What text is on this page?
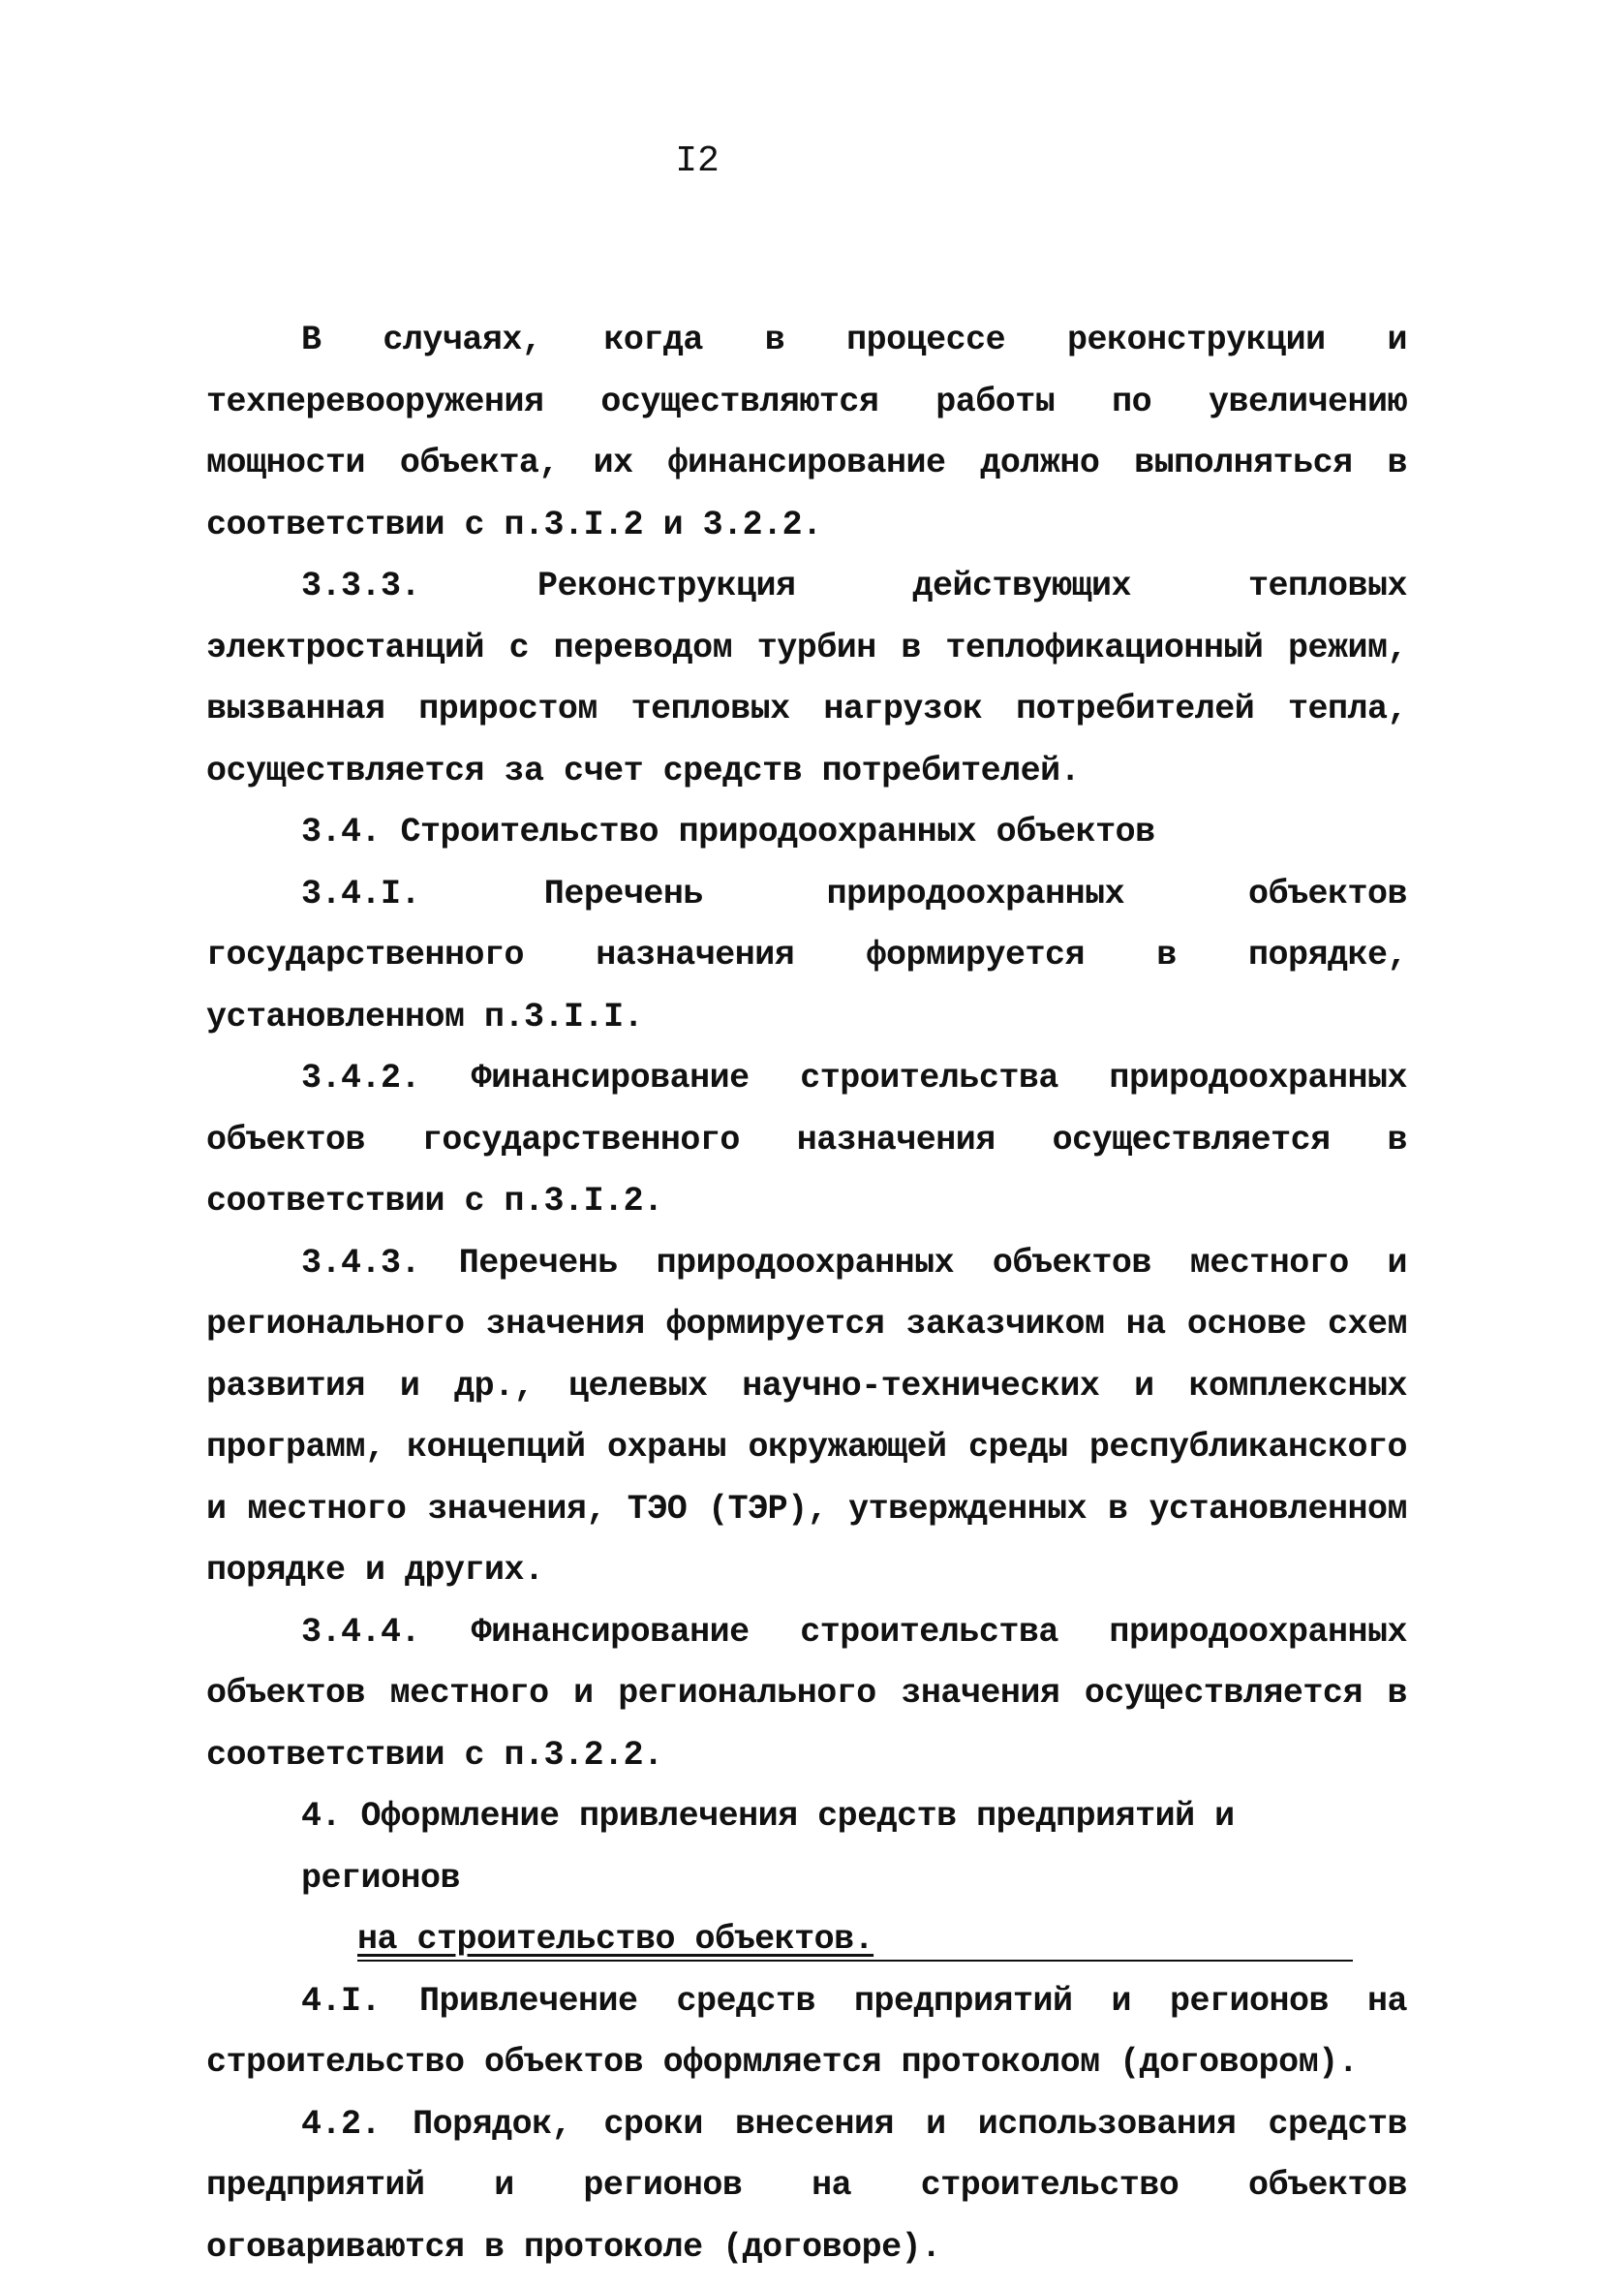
I2

В случаях, когда в процессе реконструкции и техперевооружения осуществляются работы по увеличению мощности объекта, их финансирование должно выполняться в соответствии с п.3.I.2 и 3.2.2.

3.3.3. Реконструкция действующих тепловых электростанций с переводом турбин в теплофикационный режим, вызванная приростом тепловых нагрузок потребителей тепла, осуществляется за счет средств потребителей.

3.4. Строительство природоохранных объектов

3.4.I. Перечень природоохранных объектов государственного назначения формируется в порядке, установленном п.3.I.I.

3.4.2. Финансирование строительства природоохранных объектов государственного назначения осуществляется в соответствии с п.3.I.2.

3.4.3. Перечень природоохранных объектов местного и регионального значения формируется заказчиком на основе схем развития и др., целевых научно-технических и комплексных программ, концепций охраны окружающей среды республиканского и местного значения, ТЭО (ТЭР), утвержденных в установленном порядке и других.

3.4.4. Финансирование строительства природоохранных объектов местного и регионального значения осуществляется в соответствии с п.3.2.2.

4. Оформление привлечения средств предприятий и регионов
на строительство объектов.

4.I. Привлечение средств предприятий и регионов на строительство объектов оформляется протоколом (договором).

4.2. Порядок, сроки внесения и использования средств предприятий и регионов на строительство объектов оговариваются в протоколе (договоре).
